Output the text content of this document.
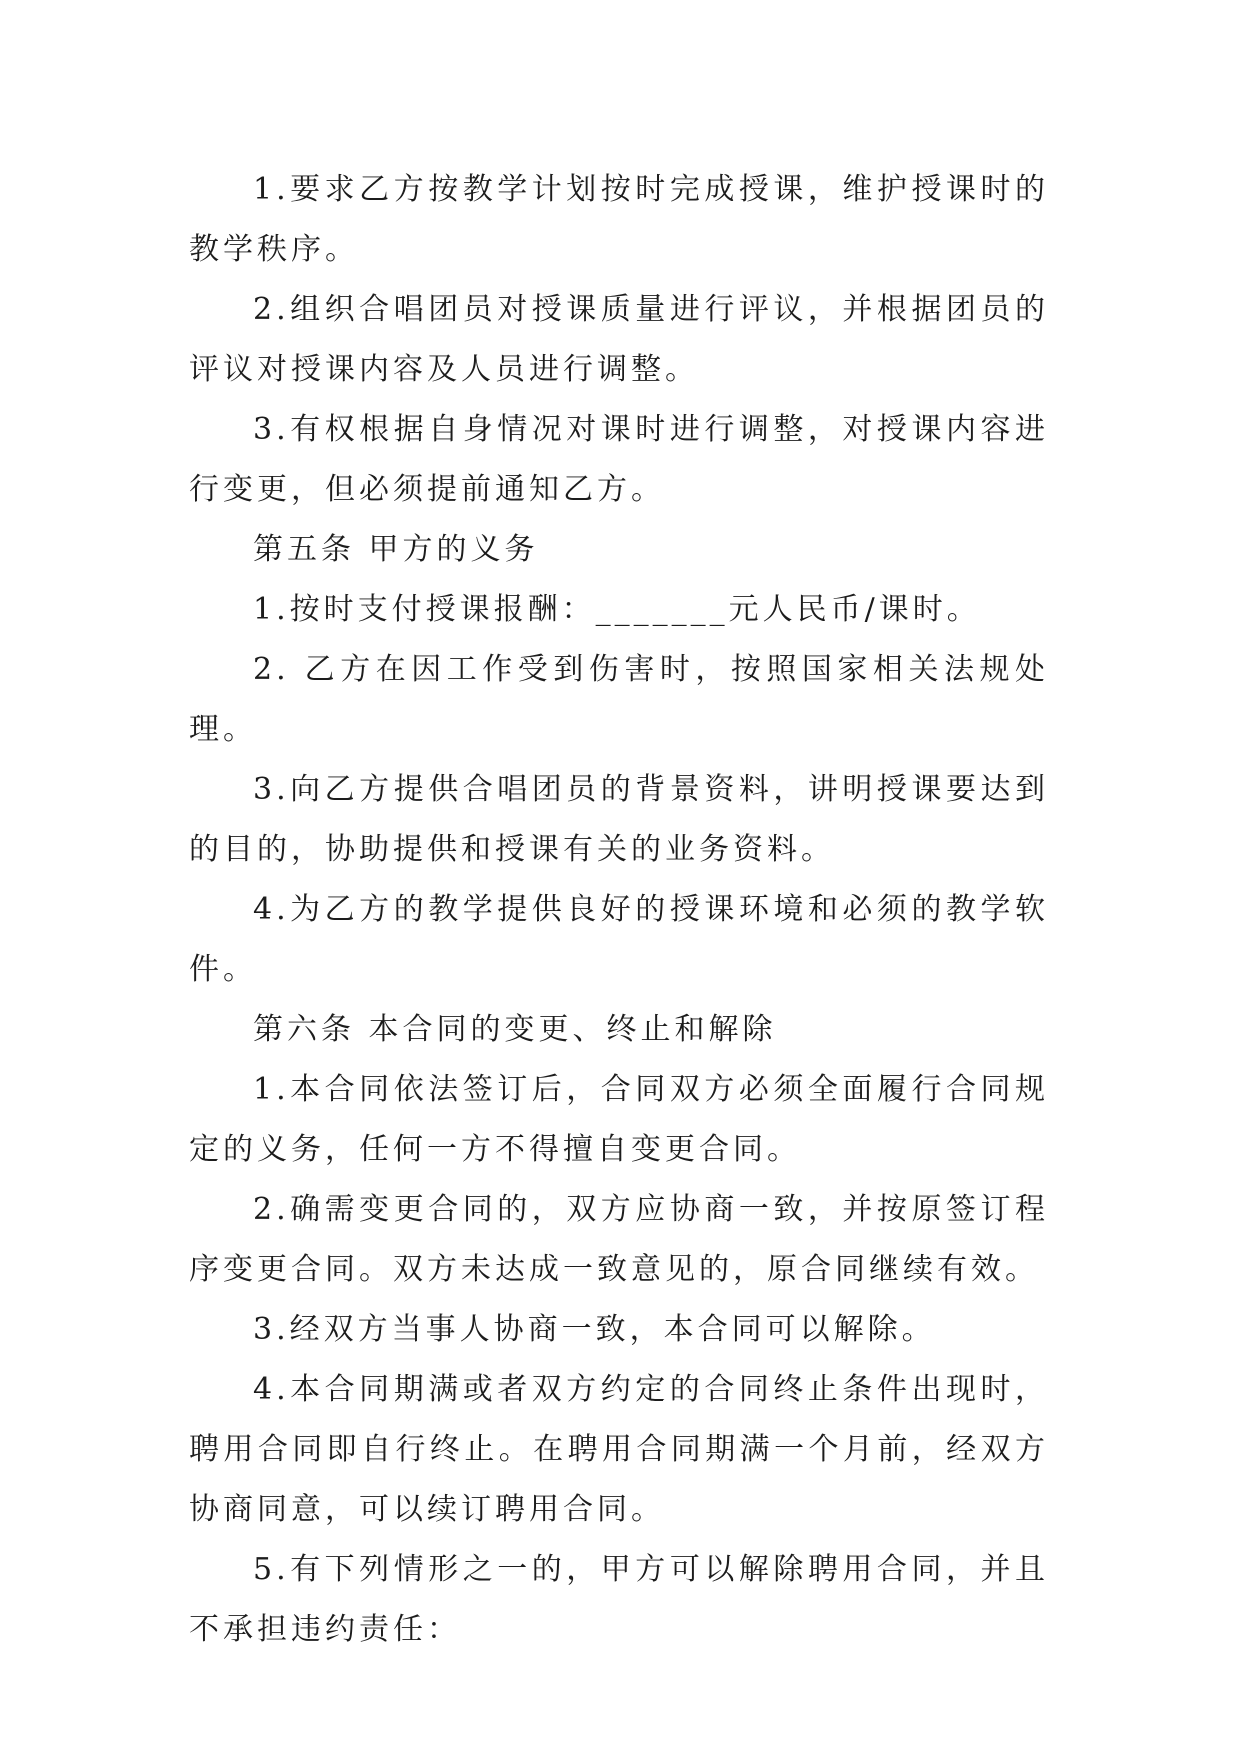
1.要求乙方按教学计划按时完成授课，维护授课时的教学秩序。

2.组织合唱团员对授课质量进行评议，并根据团员的评议对授课内容及人员进行调整。

3.有权根据自身情况对课时进行调整，对授课内容进行变更，但必须提前通知乙方。

第五条 甲方的义务

1.按时支付授课报酬：_______元人民币/课时。

2. 乙方在因工作受到伤害时，按照国家相关法规处理。

3.向乙方提供合唱团员的背景资料，讲明授课要达到的目的，协助提供和授课有关的业务资料。

4.为乙方的教学提供良好的授课环境和必须的教学软件。

第六条 本合同的变更、终止和解除

1.本合同依法签订后，合同双方必须全面履行合同规定的义务，任何一方不得擅自变更合同。

2.确需变更合同的，双方应协商一致，并按原签订程序变更合同。双方未达成一致意见的，原合同继续有效。

3.经双方当事人协商一致，本合同可以解除。

4.本合同期满或者双方约定的合同终止条件出现时，聘用合同即自行终止。在聘用合同期满一个月前，经双方协商同意，可以续订聘用合同。

5.有下列情形之一的，甲方可以解除聘用合同，并且不承担违约责任：
